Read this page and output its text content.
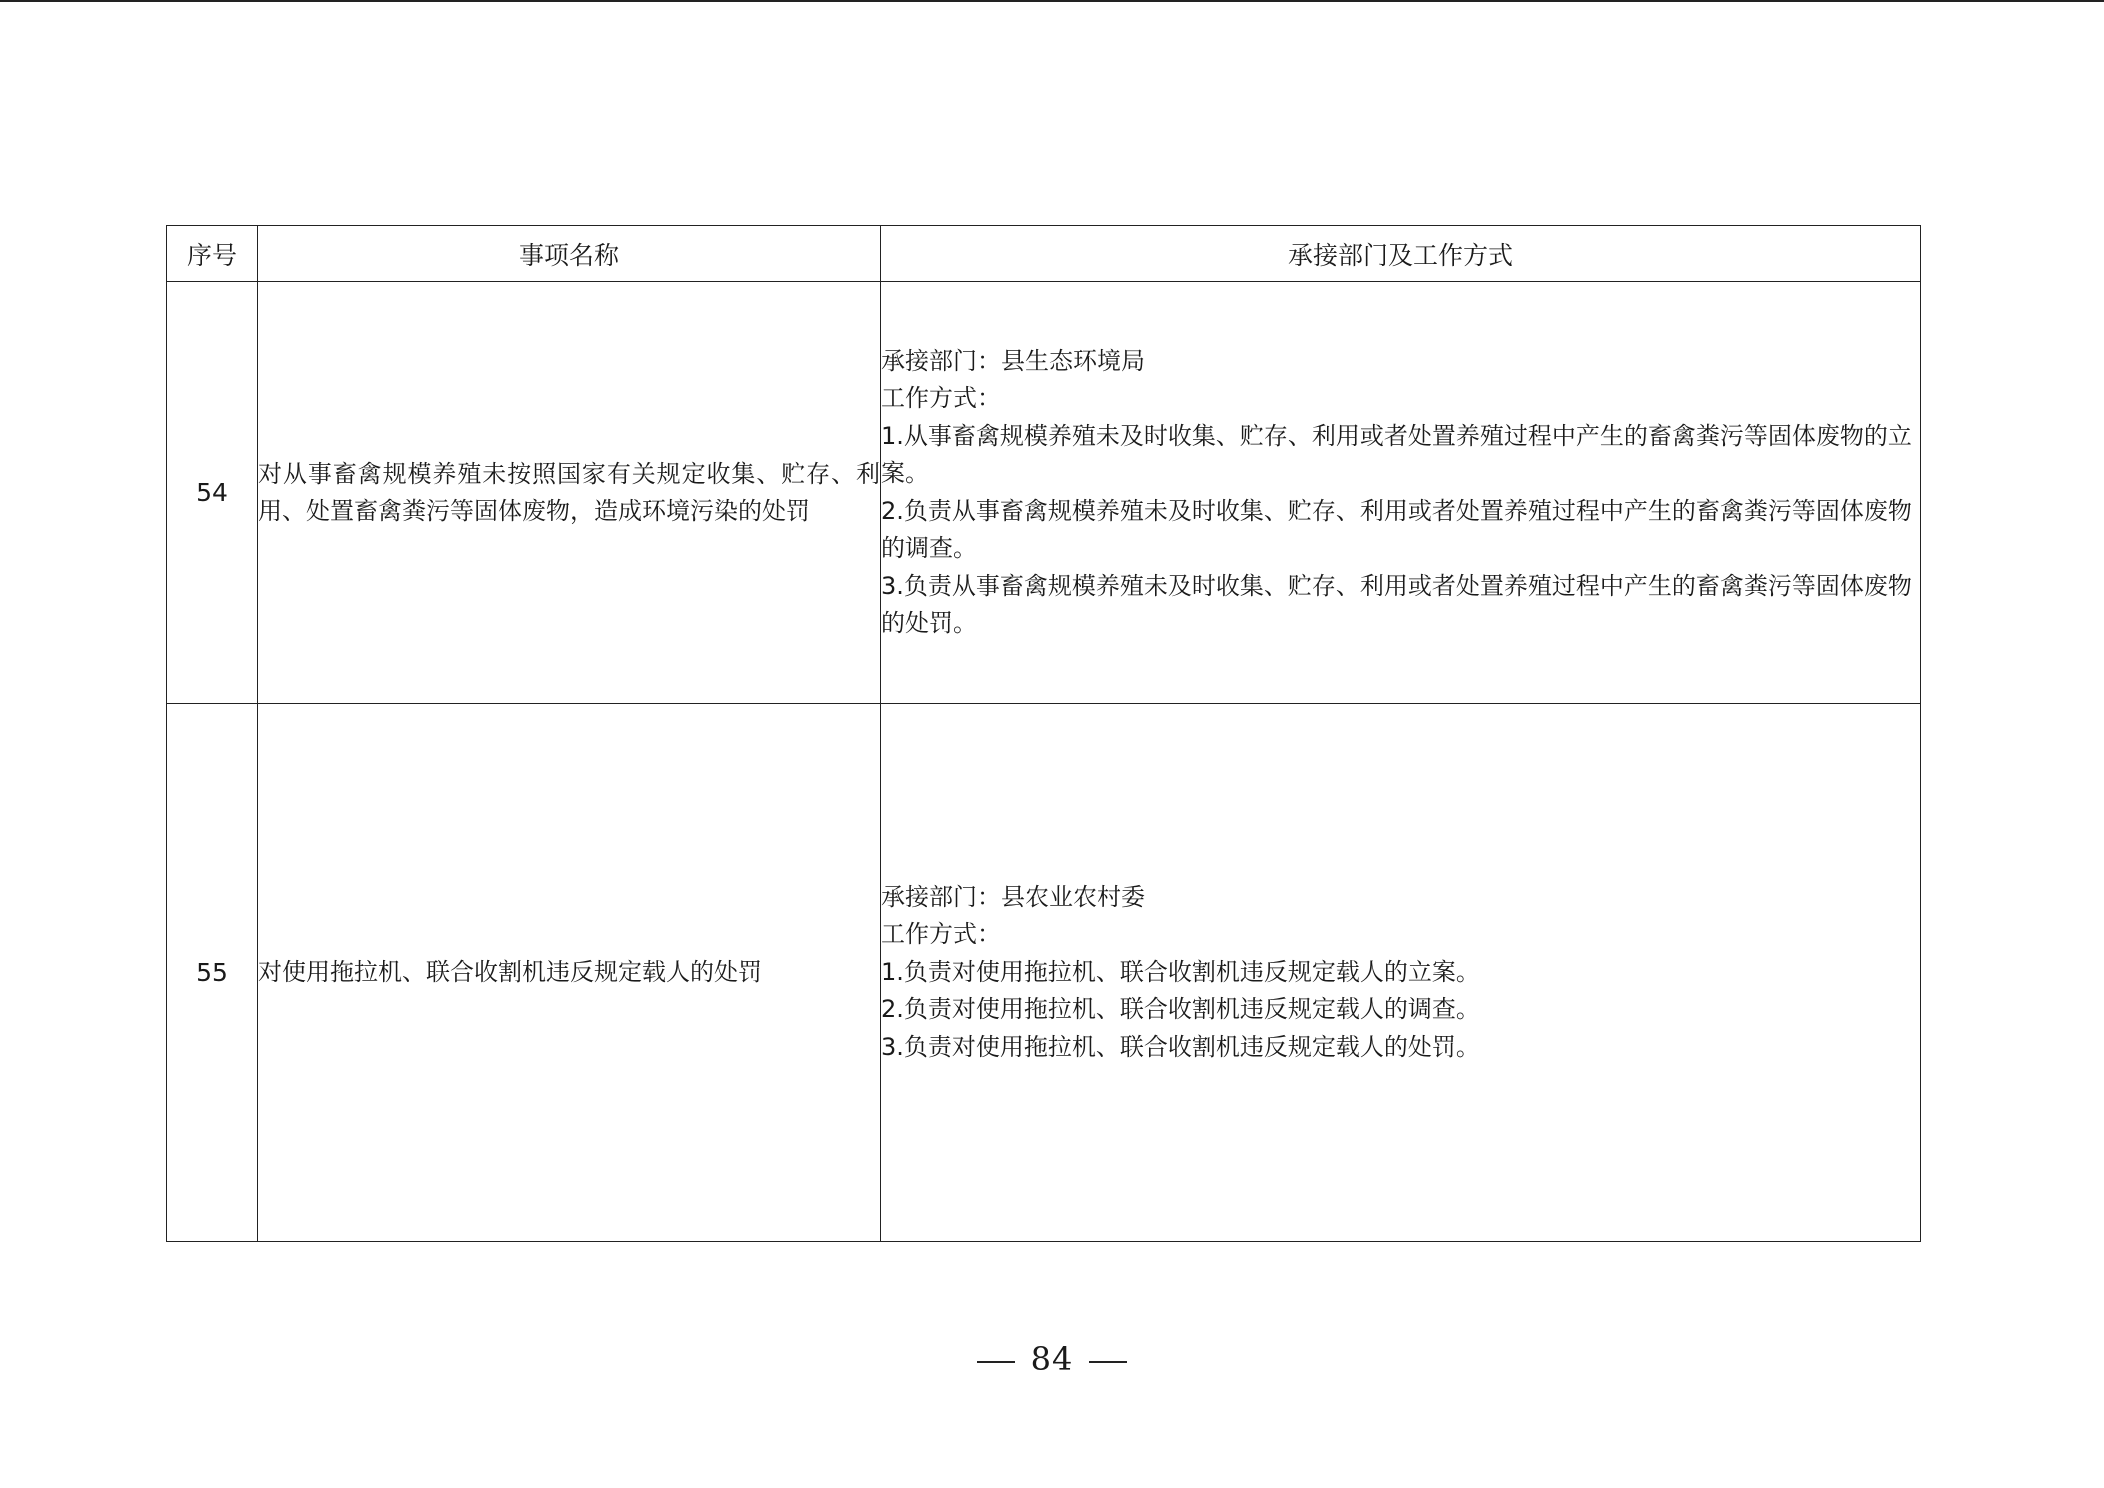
序号	事项名称	承接部门及工作方式
54	对从事畜禽规模养殖未按照国家有关规定收集、贮存、利用、处置畜禽粪污等固体废物，造成环境污染的处罚	承接部门：县生态环境局
工作方式：
1.从事畜禽规模养殖未及时收集、贮存、利用或者处置养殖过程中产生的畜禽粪污等固体废物的立案。
2.负责从事畜禽规模养殖未及时收集、贮存、利用或者处置养殖过程中产生的畜禽粪污等固体废物的调查。
3.负责从事畜禽规模养殖未及时收集、贮存、利用或者处置养殖过程中产生的畜禽粪污等固体废物的处罚。

55	对使用拖拉机、联合收割机违反规定载人的处罚	承接部门：县农业农村委
工作方式：
1.负责对使用拖拉机、联合收割机违反规定载人的立案。
2.负责对使用拖拉机、联合收割机违反规定载人的调查。
3.负责对使用拖拉机、联合收割机违反规定载人的处罚。
84
